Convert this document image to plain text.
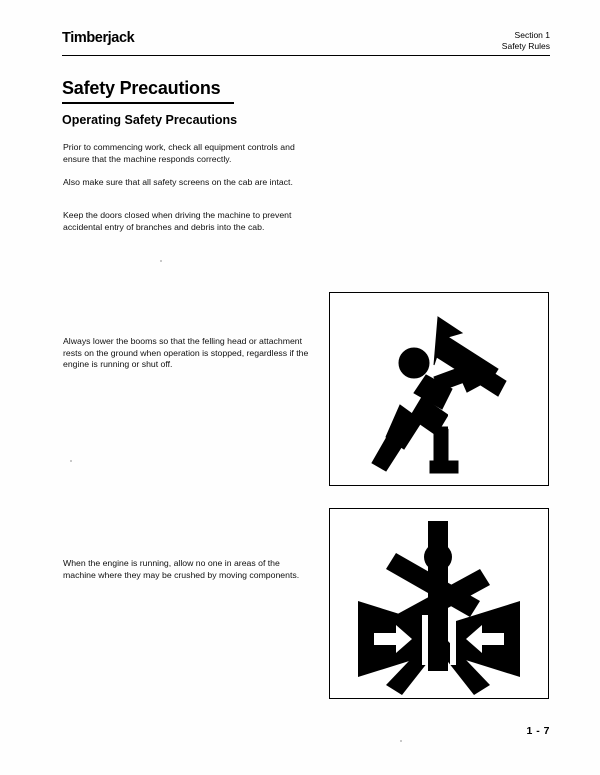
Timberjack	Section 1
Safety Rules
Safety Precautions
Operating Safety Precautions
Prior to commencing work, check all equipment controls and ensure that the machine responds correctly.
Also make sure that all safety screens on the cab are intact.
Keep the doors closed when driving the machine to prevent accidental entry of branches and debris into the cab.
Always lower the booms so that the felling head or attachment rests on the ground when operation is stopped, regardless if the engine is running or shut off.
When the engine is running, allow no one in areas of the machine where they may be crushed by moving components.
1 - 7
